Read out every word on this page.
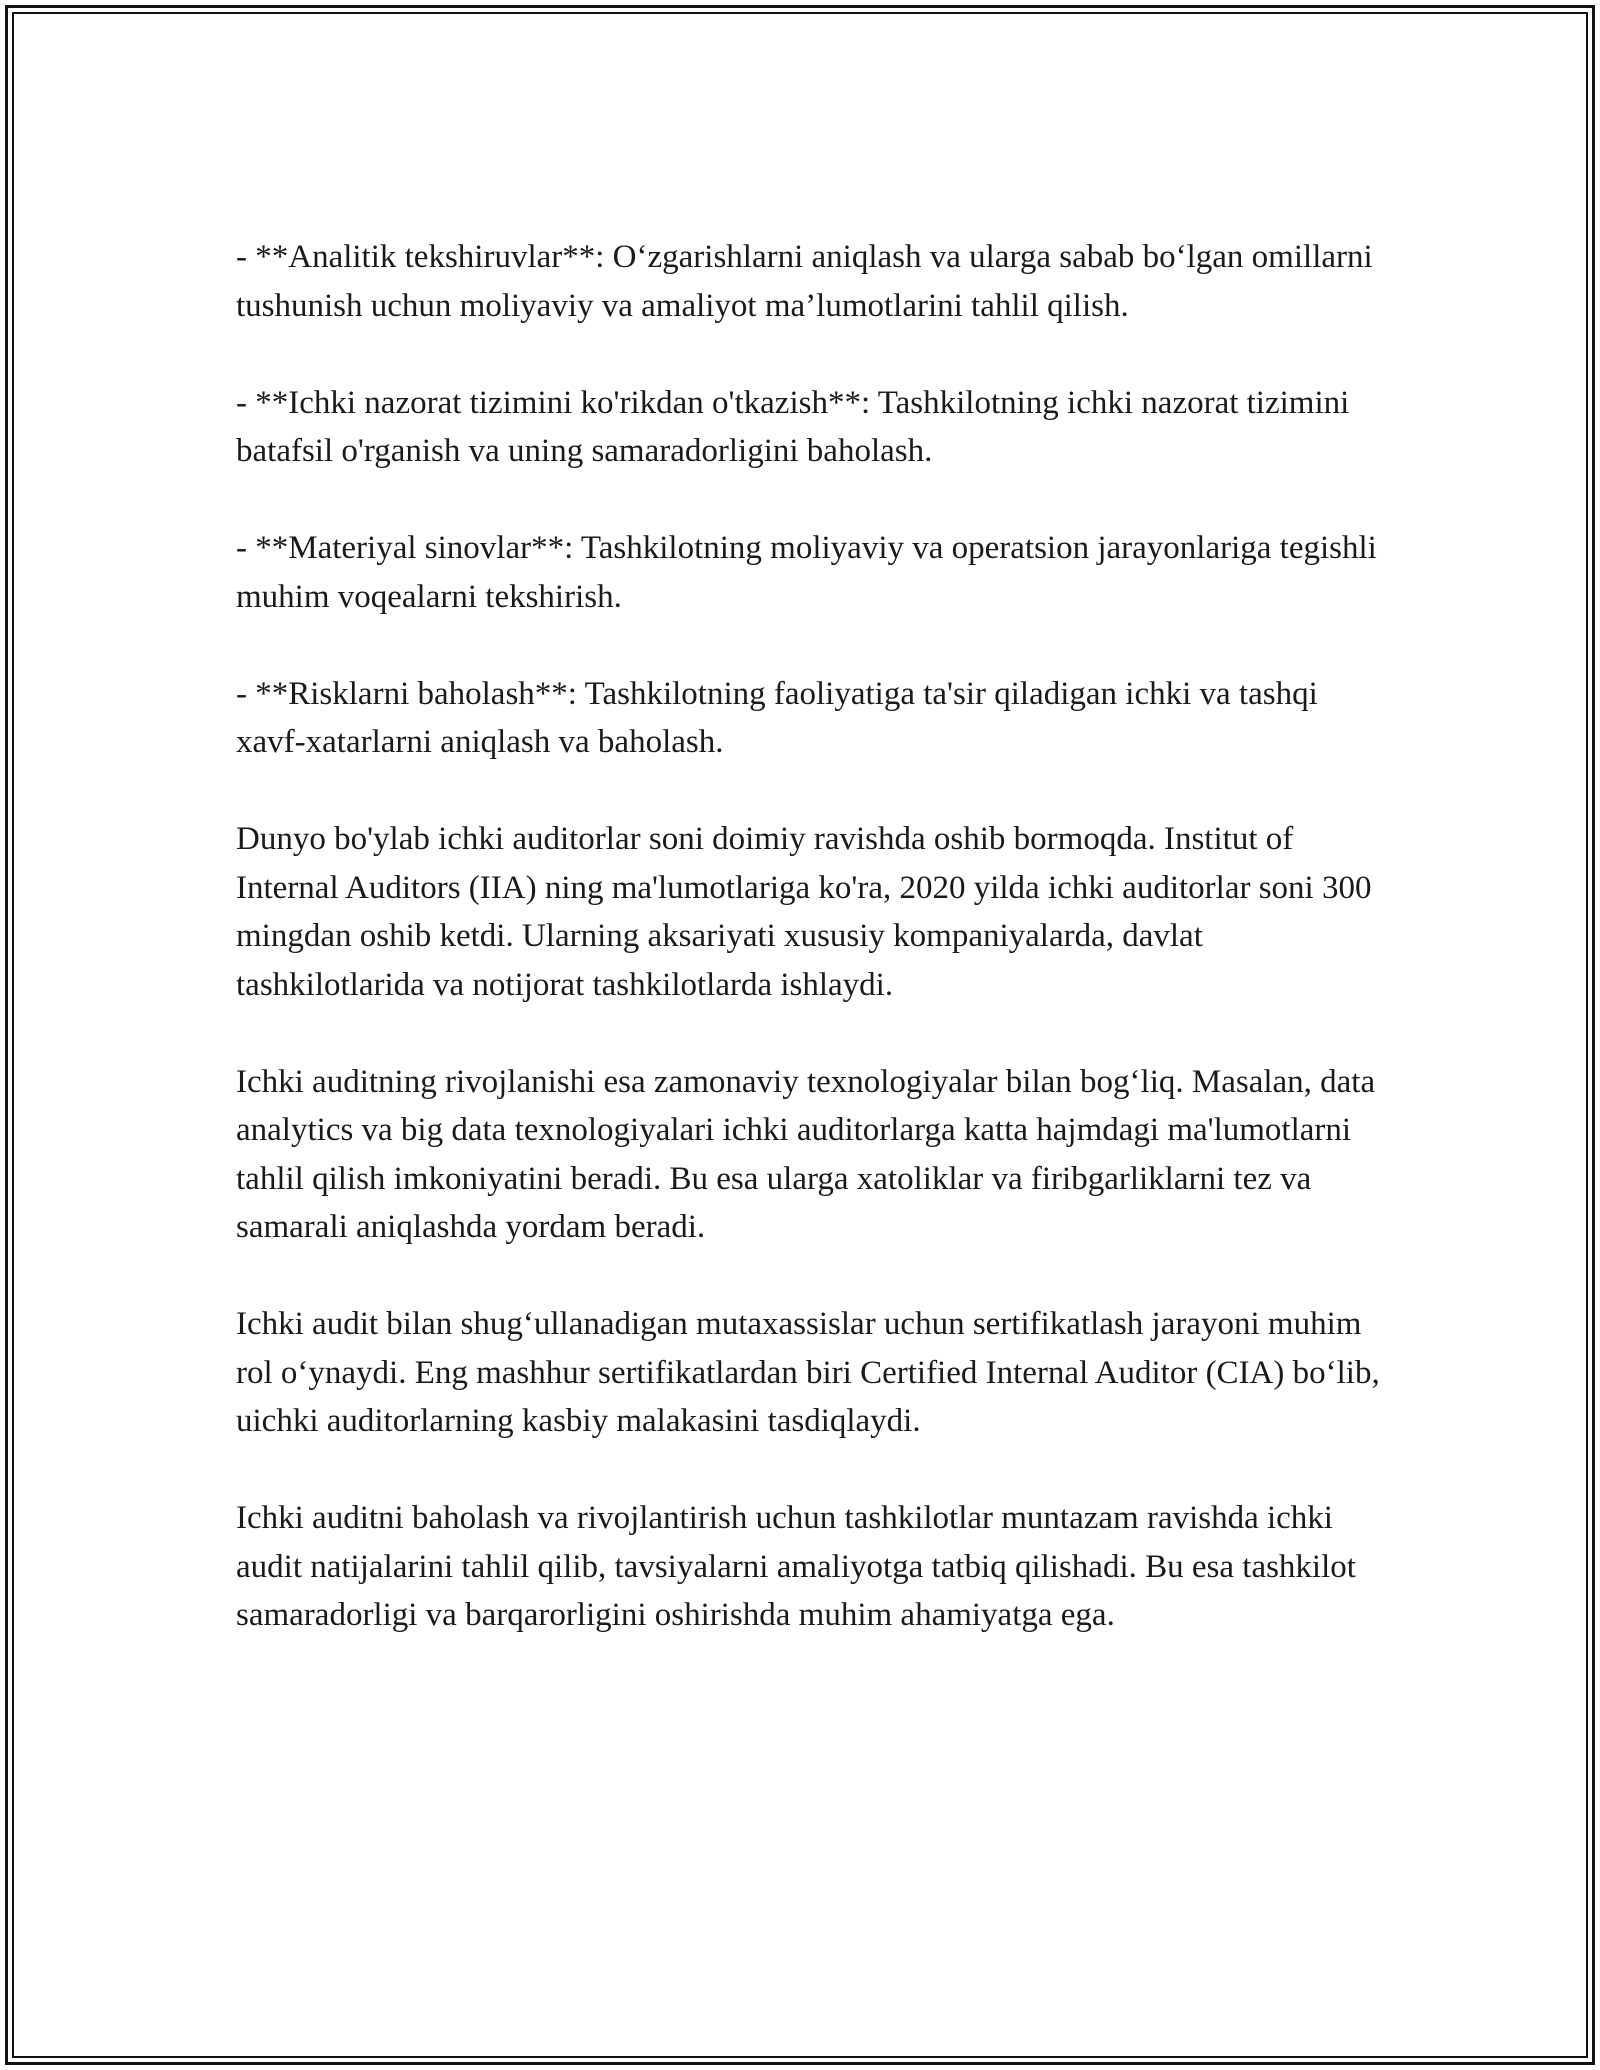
- **Analitik tekshiruvlar**: O‘zgarishlarni aniqlash va ularga sabab bo‘lgan omillarni tushunish uchun moliyaviy va amaliyot ma’lumotlarini tahlil qilish.

- **Ichki nazorat tizimini ko'rikdan o'tkazish**: Tashkilotning ichki nazorat tizimini batafsil o'rganish va uning samaradorligini baholash.

- **Materiyal sinovlar**: Tashkilotning moliyaviy va operatsion jarayonlariga tegishli muhim voqealarni tekshirish.

- **Risklarni baholash**: Tashkilotning faoliyatiga ta'sir qiladigan ichki va tashqi xavf-xatarlarni aniqlash va baholash.

Dunyo bo'ylab ichki auditorlar soni doimiy ravishda oshib bormoqda. Institut of Internal Auditors (IIA) ning ma'lumotlariga ko'ra, 2020 yilda ichki auditorlar soni 300 mingdan oshib ketdi. Ularning aksariyati xususiy kompaniyalarda, davlat tashkilotlarida va notijorat tashkilotlarda ishlaydi.

Ichki auditning rivojlanishi esa zamonaviy texnologiyalar bilan bog‘liq. Masalan, data analytics va big data texnologiyalari ichki auditorlarga katta hajmdagi ma'lumotlarni tahlil qilish imkoniyatini beradi. Bu esa ularga xatoliklar va firibgarliklarni tez va samarali aniqlashda yordam beradi.

Ichki audit bilan shug‘ullanadigan mutaxassislar uchun sertifikatlash jarayoni muhim rol o‘ynaydi. Eng mashhur sertifikatlardan biri Certified Internal Auditor (CIA) bo‘lib, uichki auditorlarning kasbiy malakasini tasdiqlaydi.

Ichki auditni baholash va rivojlantirish uchun tashkilotlar muntazam ravishda ichki audit natijalarini tahlil qilib, tavsiyalarni amaliyotga tatbiq qilishadi. Bu esa tashkilot samaradorligi va barqarorligini oshirishda muhim ahamiyatga ega.
